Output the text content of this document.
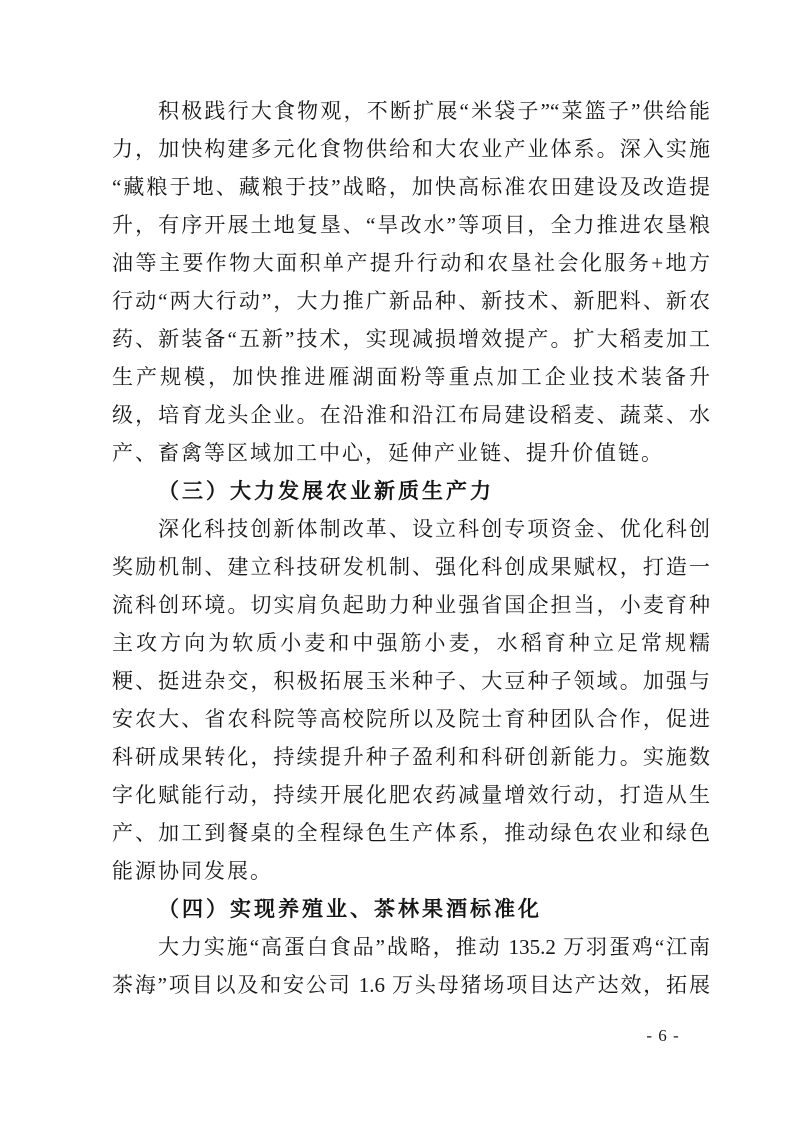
积极践行大食物观，不断扩展“米袋子”“菜篮子”供给能
力，加快构建多元化食物供给和大农业产业体系。深入实施
“藏粮于地、藏粮于技”战略，加快高标准农田建设及改造提
升，有序开展土地复垦、“旱改水”等项目，全力推进农垦粮
油等主要作物大面积单产提升行动和农垦社会化服务+地方
行动“两大行动”，大力推广新品种、新技术、新肥料、新农
药、新装备“五新”技术，实现减损增效提产。扩大稻麦加工
生产规模，加快推进雁湖面粉等重点加工企业技术装备升
级，培育龙头企业。在沿淮和沿江布局建设稻麦、蔬菜、水
产、畜禽等区域加工中心，延伸产业链、提升价值链。
（三）大力发展农业新质生产力
深化科技创新体制改革、设立科创专项资金、优化科创
奖励机制、建立科技研发机制、强化科创成果赋权，打造一
流科创环境。切实肩负起助力种业强省国企担当，小麦育种
主攻方向为软质小麦和中强筋小麦，水稻育种立足常规糯
粳、挺进杂交，积极拓展玉米种子、大豆种子领域。加强与
安农大、省农科院等高校院所以及院士育种团队合作，促进
科研成果转化，持续提升种子盈利和科研创新能力。实施数
字化赋能行动，持续开展化肥农药减量增效行动，打造从生
产、加工到餐桌的全程绿色生产体系，推动绿色农业和绿色
能源协同发展。
（四）实现养殖业、茶林果酒标准化
大力实施“高蛋白食品”战略，推动 135.2 万羽蛋鸡“江南
茶海”项目以及和安公司 1.6 万头母猪场项目达产达效，拓展
- 6 -
